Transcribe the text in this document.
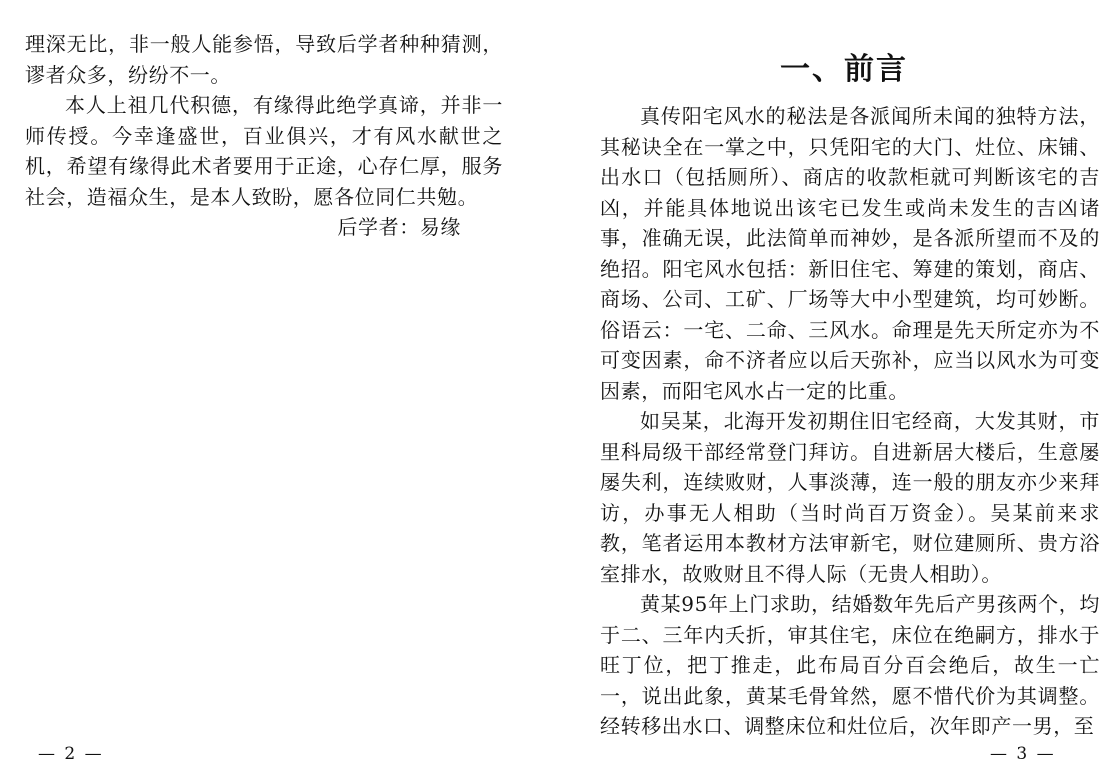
理深无比，非一般人能参悟，导致后学者种种猜测，谬者众多，纷纷不一。

本人上祖几代积德，有缘得此绝学真谛，并非一师传授。今幸逢盛世，百业俱兴，才有风水献世之机，希望有缘得此术者要用于正途，心存仁厚，服务社会，造福众生，是本人致盼，愿各位同仁共勉。

后学者：易缘

— 2 —
一、前言

真传阳宅风水的秘法是各派闻所未闻的独特方法，其秘诀全在一掌之中，只凭阳宅的大门、灶位、床铺、出水口（包括厕所）、商店的收款柜就可判断该宅的吉凶，并能具体地说出该宅已发生或尚未发生的吉凶诸事，准确无误，此法简单而神妙，是各派所望而不及的绝招。阳宅风水包括：新旧住宅、筹建的策划，商店、商场、公司、工矿、厂场等大中小型建筑，均可妙断。俗语云：一宅、二命、三风水。命理是先天所定亦为不可变因素，命不济者应以后天弥补，应当以风水为可变因素，而阳宅风水占一定的比重。

如吴某，北海开发初期住旧宅经商，大发其财，市里科局级干部经常登门拜访。自进新居大楼后，生意屡屡失利，连续败财，人事淡薄，连一般的朋友亦少来拜访，办事无人相助（当时尚百万资金）。吴某前来求教，笔者运用本教材方法审新宅，财位建厕所、贵方浴室排水，故败财且不得人际（无贵人相助）。

黄某95年上门求助，结婚数年先后产男孩两个，均于二、三年内夭折，审其住宅，床位在绝嗣方，排水于旺丁位，把丁推走，此布局百分百会绝后，故生一亡一，说出此象，黄某毛骨耸然，愿不惜代价为其调整。经转移出水口、调整床位和灶位后，次年即产一男，至

— 3 —
